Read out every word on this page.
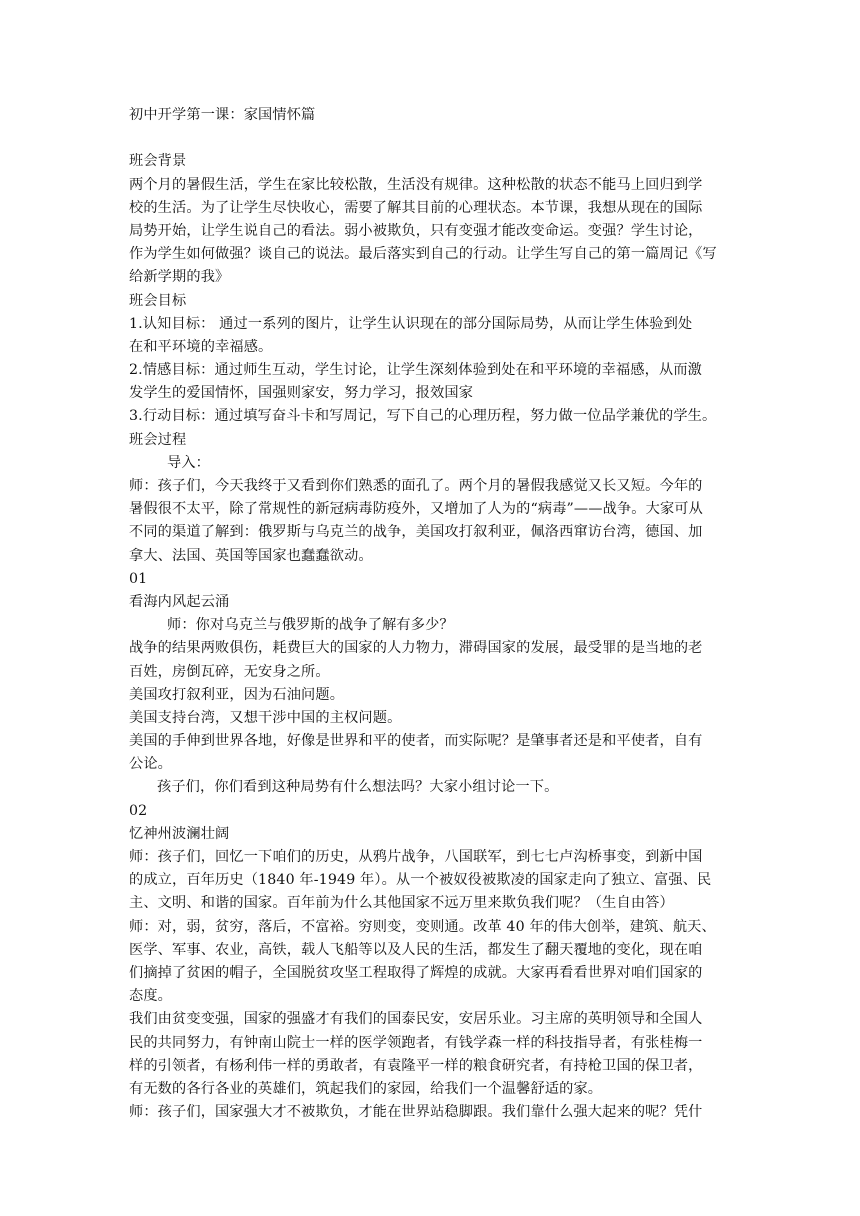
初中开学第一课：家国情怀篇
班会背景
两个月的暑假生活，学生在家比较松散，生活没有规律。这种松散的状态不能马上回归到学
校的生活。为了让学生尽快收心，需要了解其目前的心理状态。本节课，我想从现在的国际
局势开始，让学生说自己的看法。弱小被欺负，只有变强才能改变命运。变强？学生讨论，
作为学生如何做强？谈自己的说法。最后落实到自己的行动。让学生写自己的第一篇周记《写
给新学期的我》
班会目标
1.认知目标： 通过一系列的图片，让学生认识现在的部分国际局势，从而让学生体验到处
在和平环境的幸福感。
2.情感目标：通过师生互动，学生讨论，让学生深刻体验到处在和平环境的幸福感，从而激
发学生的爱国情怀，国强则家安，努力学习，报效国家
3.行动目标：通过填写奋斗卡和写周记，写下自己的心理历程，努力做一位品学兼优的学生。
班会过程
导入：
师：孩子们，今天我终于又看到你们熟悉的面孔了。两个月的暑假我感觉又长又短。今年的
暑假很不太平，除了常规性的新冠病毒防疫外，又增加了人为的“病毒”——战争。大家可从
不同的渠道了解到：俄罗斯与乌克兰的战争，美国攻打叙利亚，佩洛西窜访台湾，德国、加
拿大、法国、英国等国家也蠢蠢欲动。
01
看海内风起云涌
师：你对乌克兰与俄罗斯的战争了解有多少？
战争的结果两败俱伤，耗费巨大的国家的人力物力，滞碍国家的发展，最受罪的是当地的老
百姓，房倒瓦碎，无安身之所。
美国攻打叙利亚，因为石油问题。
美国支持台湾，又想干涉中国的主权问题。
美国的手伸到世界各地，好像是世界和平的使者，而实际呢？是肇事者还是和平使者，自有
公论。
孩子们，你们看到这种局势有什么想法吗？大家小组讨论一下。
02
忆神州波澜壮阔
师：孩子们，回忆一下咱们的历史，从鸦片战争，八国联军，到七七卢沟桥事变，到新中国
的成立，百年历史（1840 年-1949 年）。从一个被奴役被欺凌的国家走向了独立、富强、民
主、文明、和谐的国家。百年前为什么其他国家不远万里来欺负我们呢？（生自由答）
师：对，弱，贫穷，落后，不富裕。穷则变，变则通。改革 40 年的伟大创举，建筑、航天、
医学、军事、农业，高铁，载人飞船等以及人民的生活，都发生了翻天覆地的变化，现在咱
们摘掉了贫困的帽子，全国脱贫攻坚工程取得了辉煌的成就。大家再看看世界对咱们国家的
态度。
我们由贫变变强，国家的强盛才有我们的国泰民安，安居乐业。习主席的英明领导和全国人
民的共同努力，有钟南山院士一样的医学领跑者，有钱学森一样的科技指导者，有张桂梅一
样的引领者，有杨利伟一样的勇敢者，有袁隆平一样的粮食研究者，有持枪卫国的保卫者，
有无数的各行各业的英雄们，筑起我们的家园，给我们一个温馨舒适的家。
师：孩子们，国家强大才不被欺负，才能在世界站稳脚跟。我们靠什么强大起来的呢？凭什
